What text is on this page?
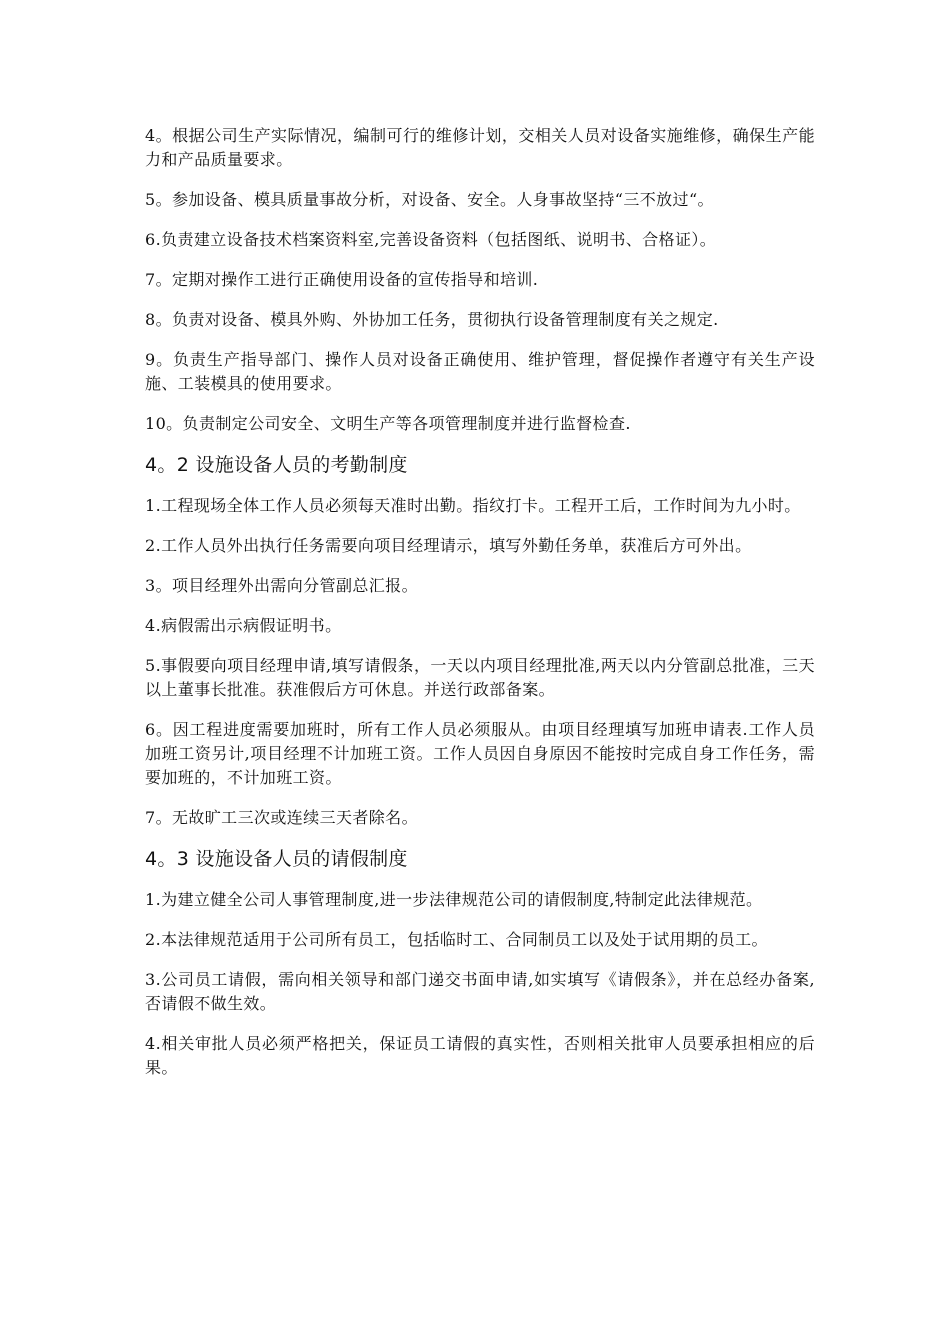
4。根据公司生产实际情况，编制可行的维修计划，交相关人员对设备实施维修，确保生产能力和产品质量要求。

5。参加设备、模具质量事故分析，对设备、安全。人身事故坚持“三不放过“。

6.负责建立设备技术档案资料室,完善设备资料（包括图纸、说明书、合格证）。

7。定期对操作工进行正确使用设备的宣传指导和培训.

8。负责对设备、模具外购、外协加工任务，贯彻执行设备管理制度有关之规定.

9。负责生产指导部门、操作人员对设备正确使用、维护管理，督促操作者遵守有关生产设施、工装模具的使用要求。

10。负责制定公司安全、文明生产等各项管理制度并进行监督检查.

4。2 设施设备人员的考勤制度

1.工程现场全体工作人员必须每天准时出勤。指纹打卡。工程开工后，工作时间为九小时。

2.工作人员外出执行任务需要向项目经理请示，填写外勤任务单，获准后方可外出。

3。项目经理外出需向分管副总汇报。

4.病假需出示病假证明书。

5.事假要向项目经理申请,填写请假条，一天以内项目经理批准,两天以内分管副总批准，三天以上董事长批准。获准假后方可休息。并送行政部备案。

6。因工程进度需要加班时，所有工作人员必须服从。由项目经理填写加班申请表.工作人员加班工资另计,项目经理不计加班工资。工作人员因自身原因不能按时完成自身工作任务，需要加班的，不计加班工资。

7。无故旷工三次或连续三天者除名。

4。3 设施设备人员的请假制度

1.为建立健全公司人事管理制度,进一步法律规范公司的请假制度,特制定此法律规范。

2.本法律规范适用于公司所有员工，包括临时工、合同制员工以及处于试用期的员工。

3.公司员工请假，需向相关领导和部门递交书面申请,如实填写《请假条》，并在总经办备案,否请假不做生效。

4.相关审批人员必须严格把关，保证员工请假的真实性，否则相关批审人员要承担相应的后果。
